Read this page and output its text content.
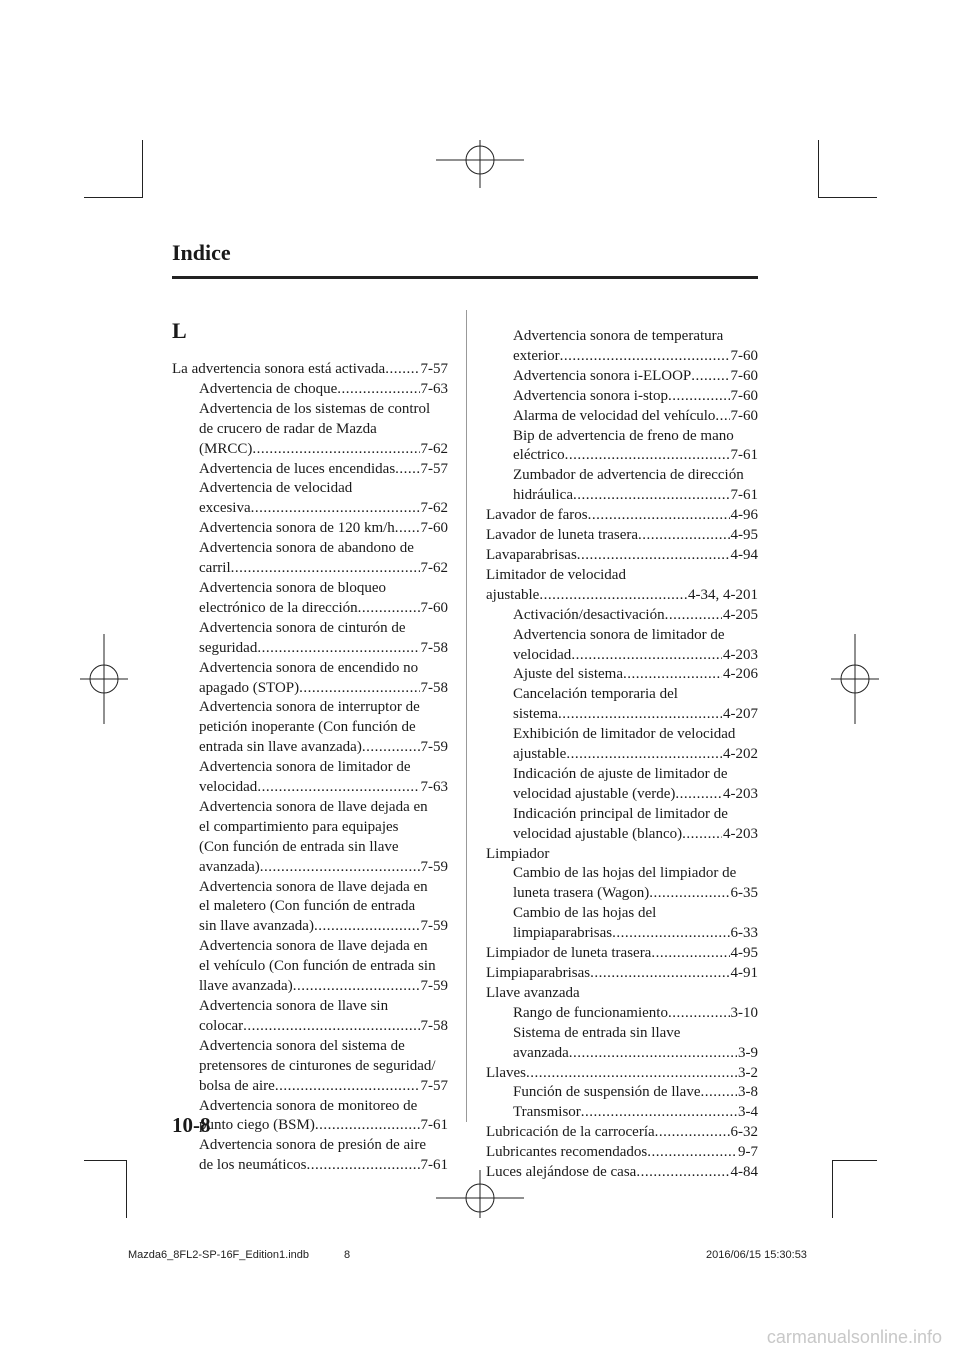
Indice
L
La advertencia sonora está activada ..... 7-57
Advertencia de choque .....	7-63
Advertencia de los sistemas de control
de crucero de radar de Mazda
(MRCC) .....	7-62
Advertencia de luces encendidas ..... 7-57
Advertencia de velocidad
excesiva .....	7-62
Advertencia sonora de 120 km/h ..... 7-60
Advertencia sonora de abandono de
carril .....	7-62
Advertencia sonora de bloqueo
electrónico de la dirección .....	7-60
Advertencia sonora de cinturón de
seguridad .....	7-58
Advertencia sonora de encendido no
apagado (STOP) .....	7-58
Advertencia sonora de interruptor de
petición inoperante (Con función de
entrada sin llave avanzada) .....	7-59
Advertencia sonora de limitador de
velocidad .....	7-63
Advertencia sonora de llave dejada en
el compartimiento para equipajes
(Con función de entrada sin llave
avanzada) .....	7-59
Advertencia sonora de llave dejada en
el maletero (Con función de entrada
sin llave avanzada) .....	7-59
Advertencia sonora de llave dejada en
el vehículo (Con función de entrada sin
llave avanzada) .....	7-59
Advertencia sonora de llave sin
colocar .....	7-58
Advertencia sonora del sistema de
pretensores de cinturones de seguridad/
bolsa de aire .....	7-57
Advertencia sonora de monitoreo de
punto ciego (BSM) .....	7-61
Advertencia sonora de presión de aire
de los neumáticos .....	7-61
Advertencia sonora de temperatura
exterior .....	7-60
Advertencia sonora i-ELOOP .....	7-60
Advertencia sonora i-stop .....	7-60
Alarma de velocidad del vehículo ..... 7-60
Bip de advertencia de freno de mano
eléctrico .....	7-61
Zumbador de advertencia de dirección
hidráulica .....	7-61
Lavador de faros .....	4-96
Lavador de luneta trasera .....	4-95
Lavaparabrisas .....	4-94
Limitador de velocidad
ajustable .....	4-34, 4-201
Activación/desactivación .....	4-205
Advertencia sonora de limitador de
velocidad .....	4-203
Ajuste del sistema .....	4-206
Cancelación temporaria del
sistema .....	4-207
Exhibición de limitador de velocidad
ajustable .....	4-202
Indicación de ajuste de limitador de
velocidad ajustable (verde) .....	4-203
Indicación principal de limitador de
velocidad ajustable (blanco) .....	4-203
Limpiador
Cambio de las hojas del limpiador de
luneta trasera (Wagon) .....	6-35
Cambio de las hojas del
limpiaparabrisas .....	6-33
Limpiador de luneta trasera .....	4-95
Limpiaparabrisas .....	4-91
Llave avanzada
Rango de funcionamiento .....	3-10
Sistema de entrada sin llave
avanzada .....	3-9
Llaves .....	3-2
Función de suspensión de llave .....	3-8
Transmisor .....	3-4
Lubricación de la carrocería .....	6-32
Lubricantes recomendados .....	9-7
Luces alejándose de casa .....	4-84
10-8
Mazda6_8FL2-SP-16F_Edition1.indb	8	2016/06/15 15:30:53
carmanualsonline.info
